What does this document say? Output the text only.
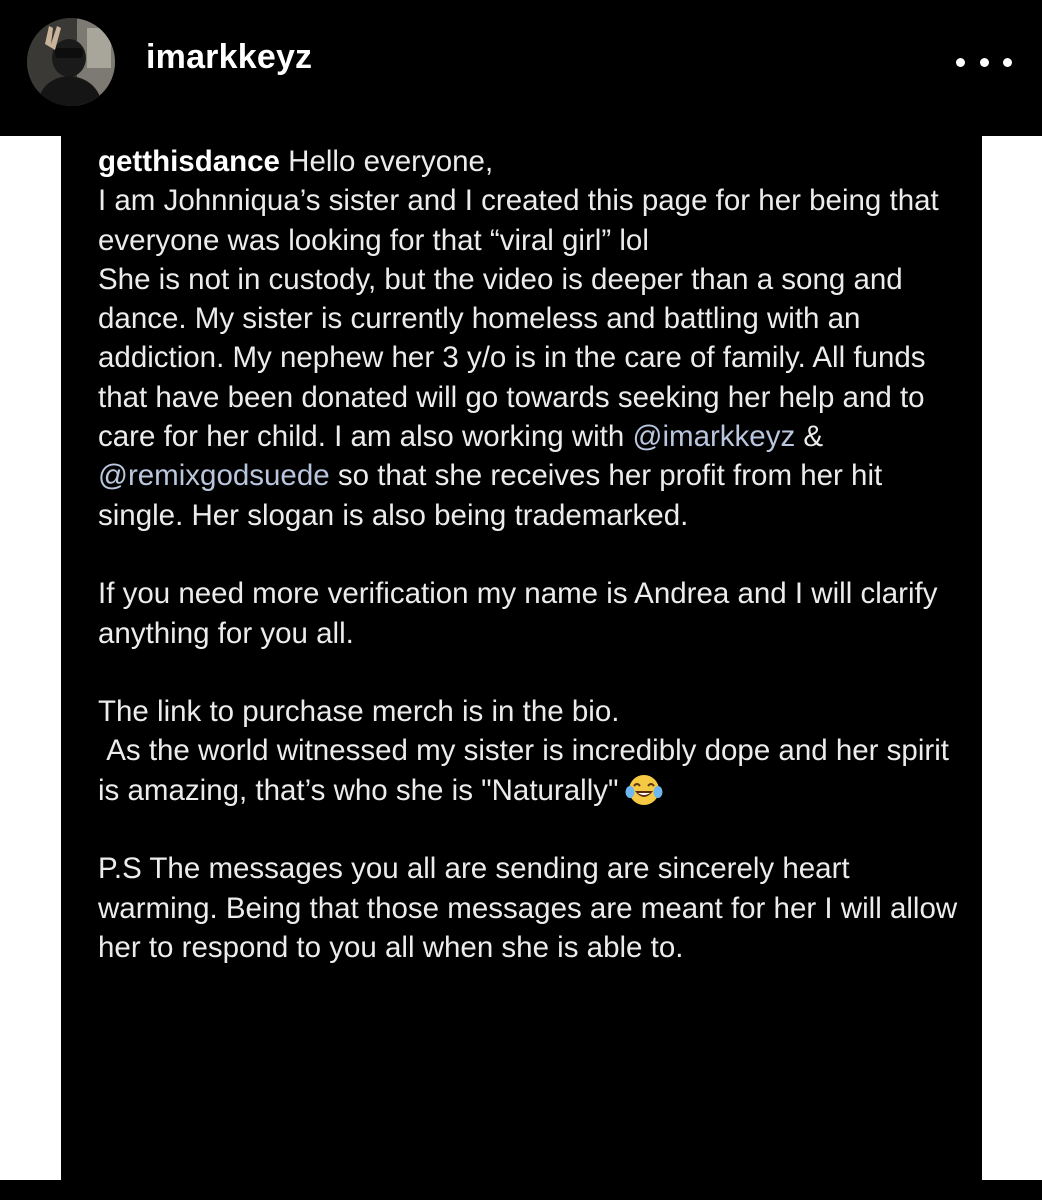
imarkkeyz

getthisdance Hello everyone,
I am Johnniqua’s sister and I created this page for her being that everyone was looking for that “viral girl” lol
She is not in custody, but the video is deeper than a song and dance. My sister is currently homeless and battling with an addiction. My nephew her 3 y/o is in the care of family. All funds that have been donated will go towards seeking her help and to care for her child. I am also working with @imarkkeyz &
@remixgodsuede so that she receives her profit from her hit single. Her slogan is also being trademarked.

If you need more verification my name is Andrea and I will clarify anything for you all.

The link to purchase merch is in the bio.
As the world witnessed my sister is incredibly dope and her spirit is amazing, that’s who she is "Naturally"

P.S The messages you all are sending are sincerely heart warming. Being that those messages are meant for her I will allow her to respond to you all when she is able to.
